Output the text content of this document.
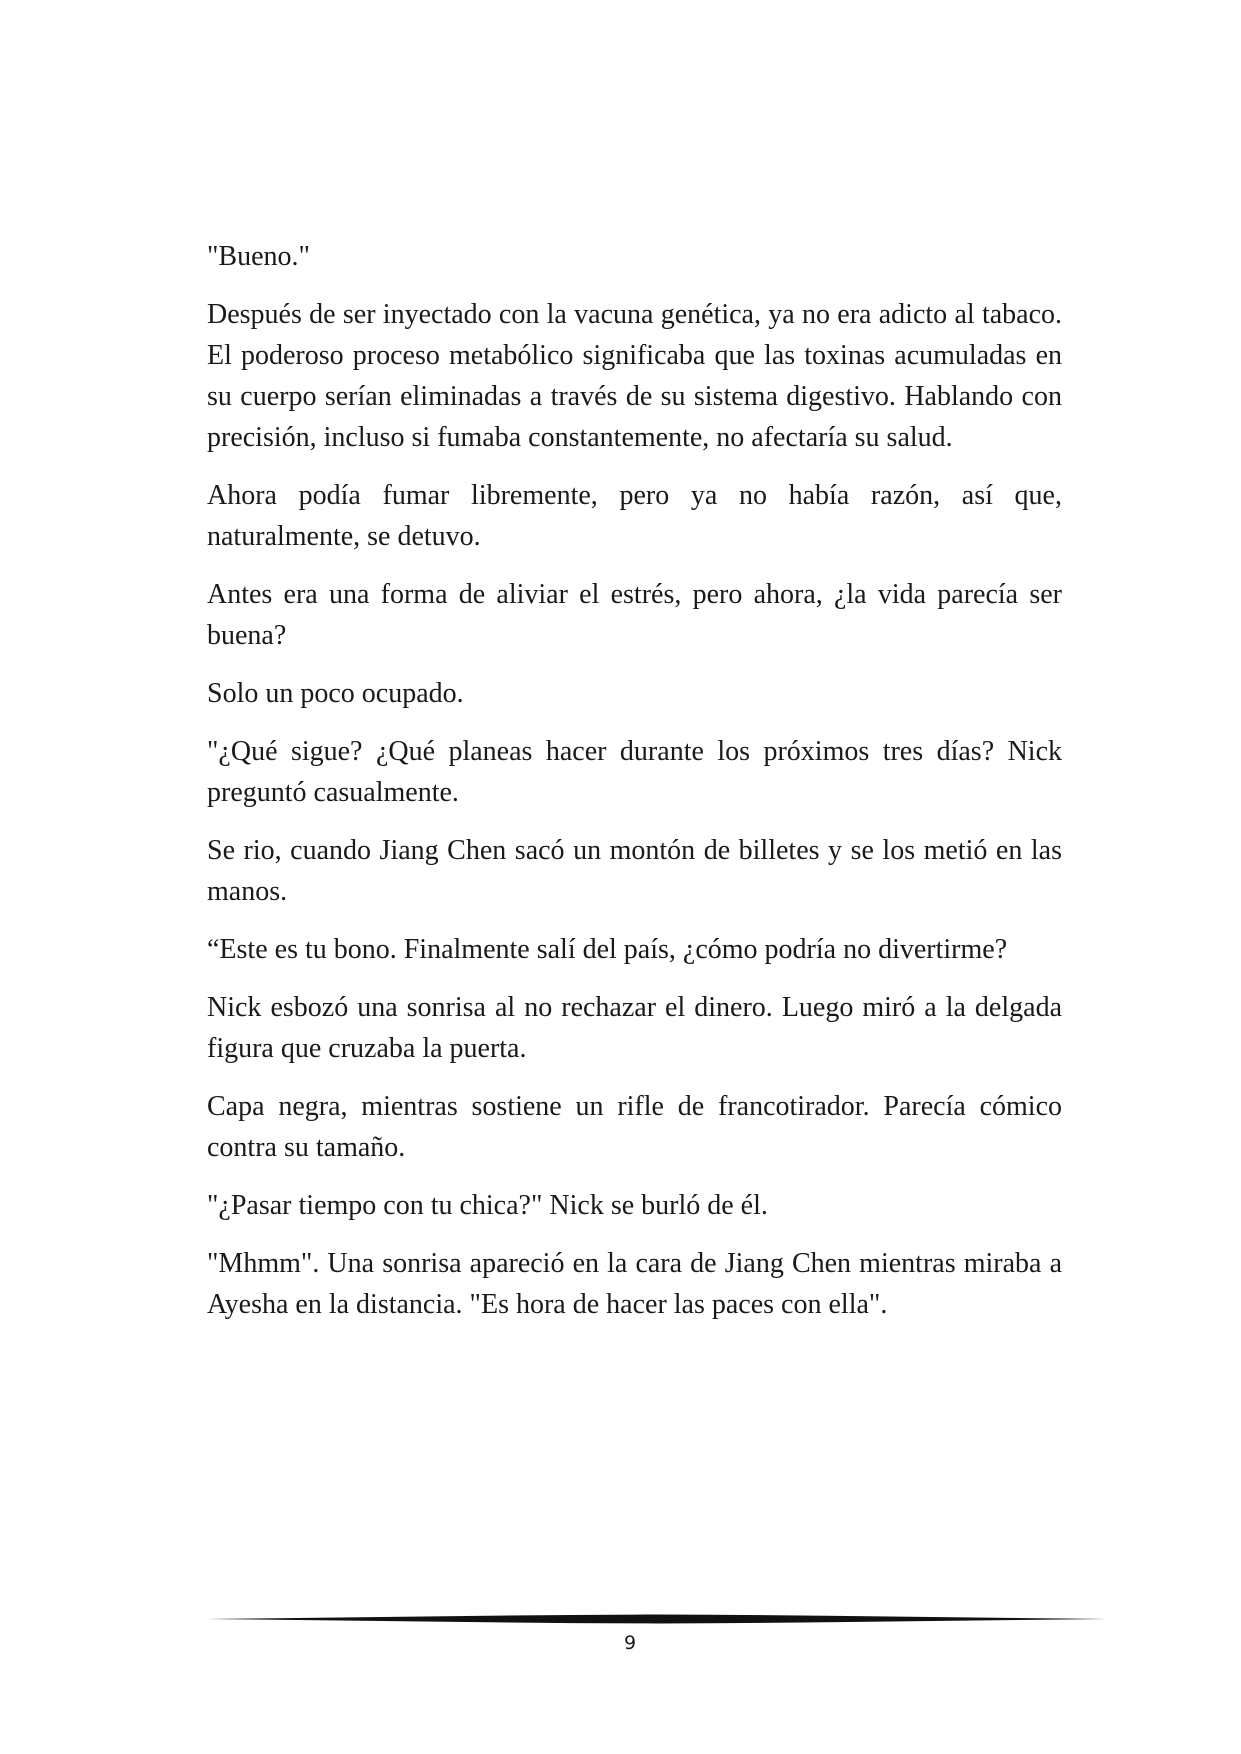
"Bueno."

Después de ser inyectado con la vacuna genética, ya no era adicto al tabaco. El poderoso proceso metabólico significaba que las toxinas acumuladas en su cuerpo serían eliminadas a través de su sistema digestivo. Hablando con precisión, incluso si fumaba constantemente, no afectaría su salud.

Ahora podía fumar libremente, pero ya no había razón, así que, naturalmente, se detuvo.

Antes era una forma de aliviar el estrés, pero ahora, ¿la vida parecía ser buena?

Solo un poco ocupado.

"¿Qué sigue? ¿Qué planeas hacer durante los próximos tres días? Nick preguntó casualmente.

Se rio, cuando Jiang Chen sacó un montón de billetes y se los metió en las manos.

“Este es tu bono. Finalmente salí del país, ¿cómo podría no divertirme?

Nick esbozó una sonrisa al no rechazar el dinero. Luego miró a la delgada figura que cruzaba la puerta.

Capa negra, mientras sostiene un rifle de francotirador. Parecía cómico contra su tamaño.

"¿Pasar tiempo con tu chica?" Nick se burló de él.

"Mhmm". Una sonrisa apareció en la cara de Jiang Chen mientras miraba a Ayesha en la distancia. "Es hora de hacer las paces con ella".

9
